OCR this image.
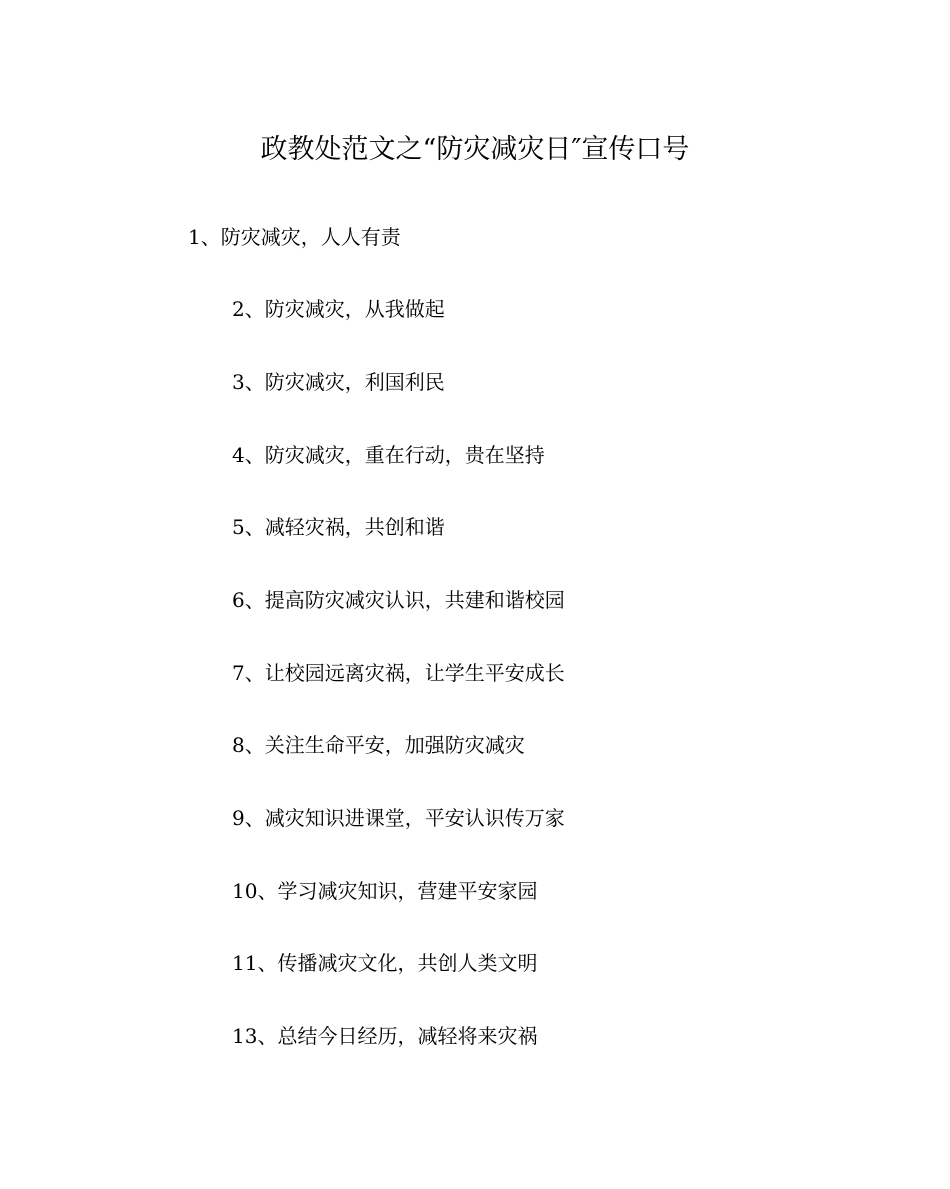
政教处范文之“防灾减灾日″宣传口号
1、防灾减灾，人人有责
2、防灾减灾，从我做起
3、防灾减灾，利国利民
4、防灾减灾，重在行动，贵在坚持
5、减轻灾祸，共创和谐
6、提高防灾减灾认识，共建和谐校园
7、让校园远离灾祸，让学生平安成长
8、关注生命平安，加强防灾减灾
9、减灾知识进课堂，平安认识传万家
10、学习减灾知识，营建平安家园
11、传播减灾文化，共创人类文明
13、总结今日经历，减轻将来灾祸
